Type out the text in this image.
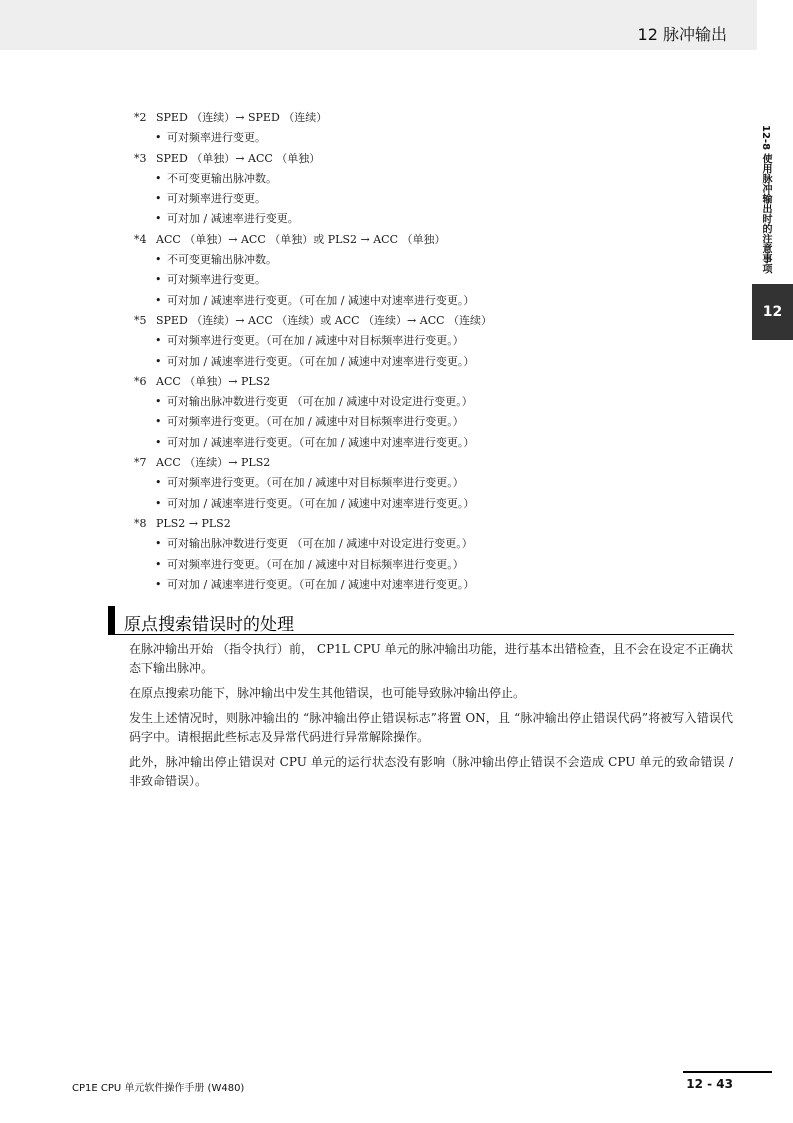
12 脉冲输出
12-8 使用脉冲输出时的注意事项
12
*2 SPED （连续）→ SPED （连续）
• 可对频率进行变更。
*3 SPED （单独）→ ACC （单独）
• 不可变更输出脉冲数。
• 可对频率进行变更。
• 可对加 / 减速率进行变更。
*4 ACC （单独）→ ACC （单独）或 PLS2 → ACC （单独）
• 不可变更输出脉冲数。
• 可对频率进行变更。
• 可对加 / 减速率进行变更。（可在加 / 减速中对速率进行变更。）
*5 SPED （连续）→ ACC （连续）或 ACC （连续）→ ACC （连续）
• 可对频率进行变更。（可在加 / 减速中对目标频率进行变更。）
• 可对加 / 减速率进行变更。（可在加 / 减速中对速率进行变更。）
*6 ACC （单独）→ PLS2
• 可对输出脉冲数进行变更 （可在加 / 减速中对设定进行变更。）
• 可对频率进行变更。（可在加 / 减速中对目标频率进行变更。）
• 可对加 / 减速率进行变更。（可在加 / 减速中对速率进行变更。）
*7 ACC （连续）→ PLS2
• 可对频率进行变更。（可在加 / 减速中对目标频率进行变更。）
• 可对加 / 减速率进行变更。（可在加 / 减速中对速率进行变更。）
*8 PLS2 → PLS2
• 可对输出脉冲数进行变更 （可在加 / 减速中对设定进行变更。）
• 可对频率进行变更。（可在加 / 减速中对目标频率进行变更。）
• 可对加 / 减速率进行变更。（可在加 / 减速中对速率进行变更。）
原点搜索错误时的处理

在脉冲输出开始 （指令执行）前， CP1L CPU 单元的脉冲输出功能，进行基本出错检查，且不会在设定不正确状态下输出脉冲。

在原点搜索功能下，脉冲输出中发生其他错误，也可能导致脉冲输出停止。

发生上述情况时，则脉冲输出的 “脉冲输出停止错误标志”将置 ON，且 “脉冲输出停止错误代码”将被写入错误代码字中。请根据此些标志及异常代码进行异常解除操作。

此外，脉冲输出停止错误对 CPU 单元的运行状态没有影响（脉冲输出停止错误不会造成 CPU 单元的致命错误 / 非致命错误）。

CP1E CPU 单元软件操作手册 (W480)	12 - 43
